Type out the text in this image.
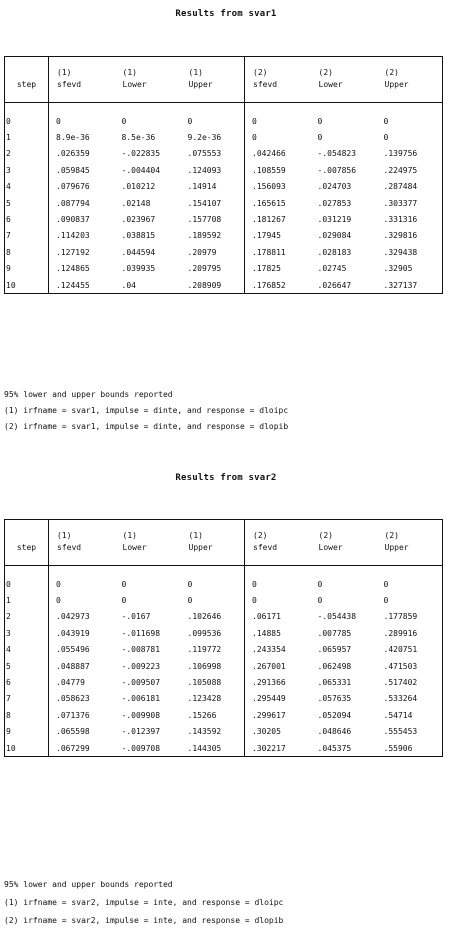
Results from svar1
	(1)	(1)	(1)	(2)	(2)	(2)
step	sfevd	Lower	Upper	sfevd	Lower	Upper

0	0	0	0	0	0	0
1	8.9e-36	8.5e-36	9.2e-36	0	0	0
2	.026359	-.022835	.075553	.042466	-.054823	.139756
3	.059845	-.004404	.124093	.108559	-.007856	.224975
4	.079676	.010212	.14914	.156093	.024703	.287484
5	.087794	.02148	.154107	.165615	.027853	.303377
6	.090837	.023967	.157708	.181267	.031219	.331316
7	.114203	.038815	.189592	.17945	.029084	.329816
8	.127192	.044594	.20979	.178811	.028183	.329438
9	.124865	.039935	.209795	.17825	.02745	.32905
10	.124455	.04	.208909	.176852	.026647	.327137
95% lower and upper bounds reported
(1) irfname = svar1, impulse = dinte, and response = dloipc
(2) irfname = svar1, impulse = dinte, and response = dlopib
Results from svar2
	(1)	(1)	(1)	(2)	(2)	(2)
step	sfevd	Lower	Upper	sfevd	Lower	Upper

0	0	0	0	0	0	0
1	0	0	0	0	0	0
2	.042973	-.0167	.102646	.06171	-.054438	.177859
3	.043919	-.011698	.099536	.14885	.007785	.289916
4	.055496	-.008781	.119772	.243354	.065957	.420751
5	.048887	-.009223	.106998	.267001	.062498	.471503
6	.04779	-.009507	.105088	.291366	.065331	.517402
7	.058623	-.006181	.123428	.295449	.057635	.533264
8	.071376	-.009908	.15266	.299617	.052094	.54714
9	.065598	-.012397	.143592	.30205	.048646	.555453
10	.067299	-.009708	.144305	.302217	.045375	.55906
95% lower and upper bounds reported
(1) irfname = svar2, impulse = inte, and response = dloipc
(2) irfname = svar2, impulse = inte, and response = dlopib
